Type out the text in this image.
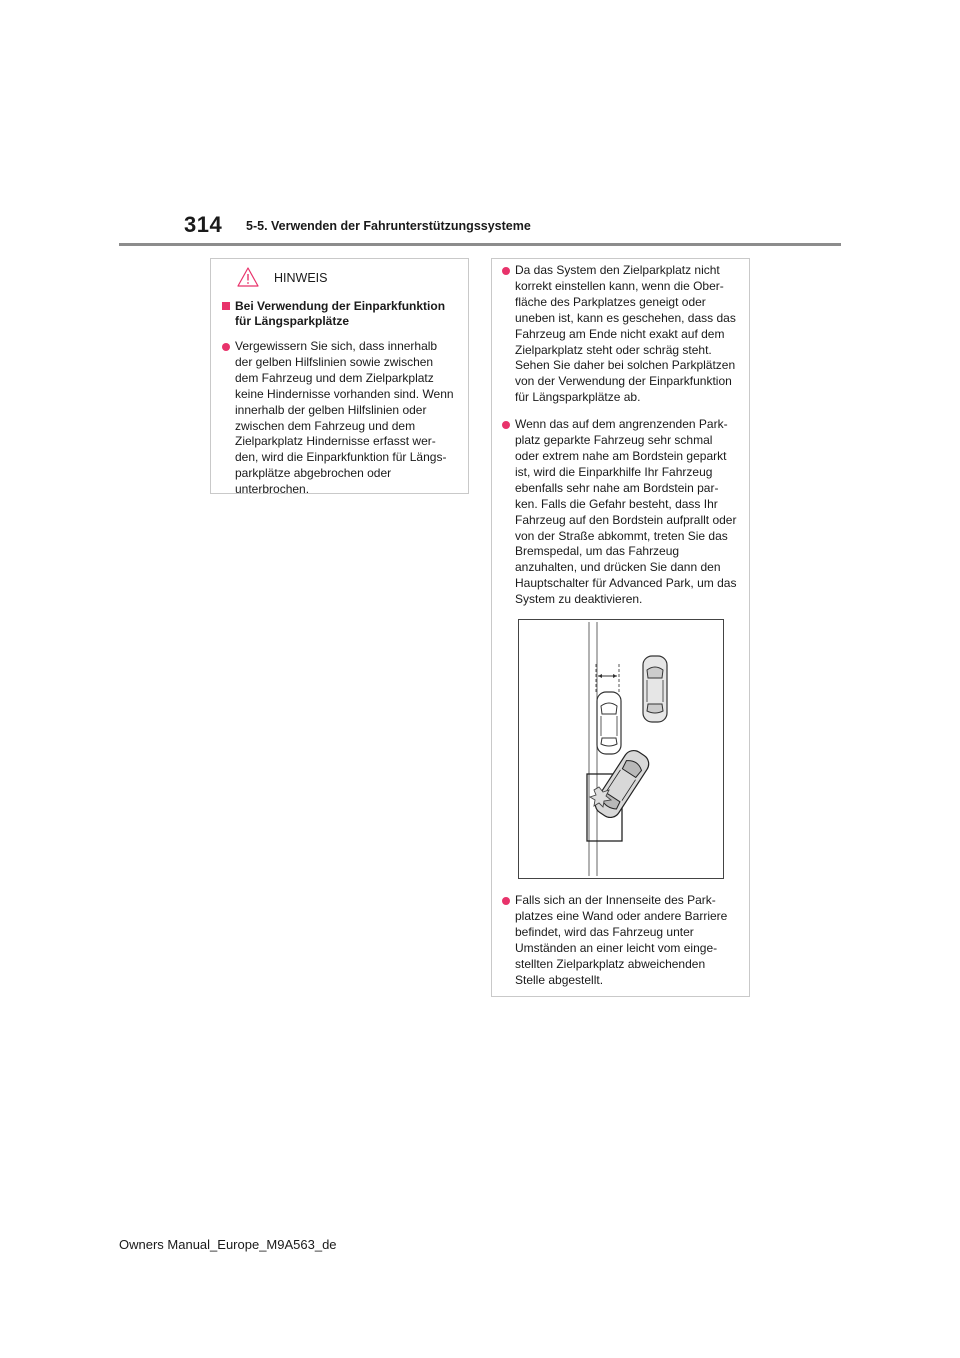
314 5-5. Verwenden der Fahrunterstützungssysteme
HINWEIS
Bei Verwendung der Einparkfunktion für Längsparkplätze
Vergewissern Sie sich, dass innerhalb der gelben Hilfslinien sowie zwischen dem Fahrzeug und dem Zielparkplatz keine Hindernisse vorhanden sind. Wenn innerhalb der gelben Hilfslinien oder zwischen dem Fahrzeug und dem Zielparkplatz Hindernisse erfasst wer-den, wird die Einparkfunktion für Längs-parkplätze abgebrochen oder unterbrochen.
Da das System den Zielparkplatz nicht korrekt einstellen kann, wenn die Ober-fläche des Parkplatzes geneigt oder uneben ist, kann es geschehen, dass das Fahrzeug am Ende nicht exakt auf dem Zielparkplatz steht oder schräg steht. Sehen Sie daher bei solchen Parkplätzen von der Verwendung der Einparkfunktion für Längsparkplätze ab.
Wenn das auf dem angrenzenden Park-platz geparkte Fahrzeug sehr schmal oder extrem nahe am Bordstein geparkt ist, wird die Einparkhilfe Ihr Fahrzeug ebenfalls sehr nahe am Bordstein par-ken. Falls die Gefahr besteht, dass Ihr Fahrzeug auf den Bordstein aufprallt oder von der Straße abkommt, treten Sie das Bremspedal, um das Fahrzeug anzuhalten, und drücken Sie dann den Hauptschalter für Advanced Park, um das System zu deaktivieren.
Falls sich an der Innenseite des Park-platzes eine Wand oder andere Barriere befindet, wird das Fahrzeug unter Umständen an einer leicht vom einge-stellten Zielparkplatz abweichenden Stelle abgestellt.
Owners Manual_Europe_M9A563_de
